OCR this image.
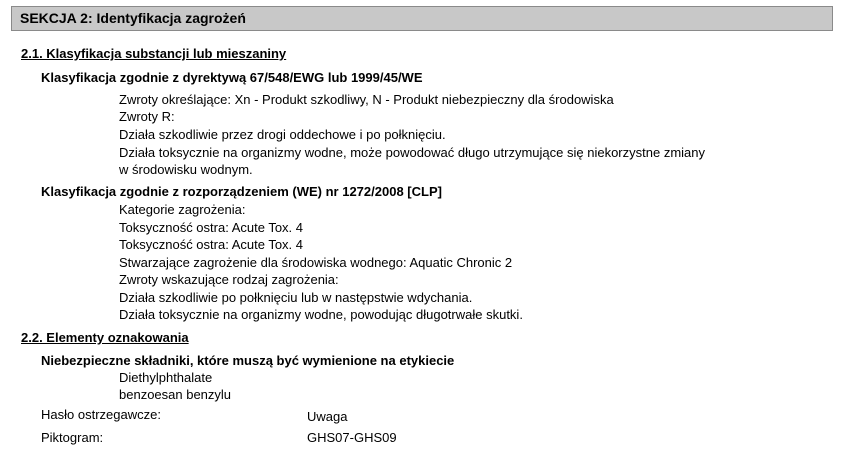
SEKCJA 2: Identyfikacja zagrożeń
2.1. Klasyfikacja substancji lub mieszaniny
Klasyfikacja zgodnie z dyrektywą 67/548/EWG lub 1999/45/WE
Zwroty określające: Xn - Produkt szkodliwy, N - Produkt niebezpieczny dla środowiska
Zwroty R:
Działa szkodliwie przez drogi oddechowe i po połknięciu.
Działa toksycznie na organizmy wodne, może powodować długo utrzymujące się niekorzystne zmiany
w środowisku wodnym.
Klasyfikacja zgodnie z rozporządzeniem (WE) nr 1272/2008 [CLP]
Kategorie zagrożenia:
Toksyczność ostra: Acute Tox. 4
Toksyczność ostra: Acute Tox. 4
Stwarzające zagrożenie dla środowiska wodnego: Aquatic Chronic 2
Zwroty wskazujące rodzaj zagrożenia:
Działa szkodliwie po połknięciu lub w następstwie wdychania.
Działa toksycznie na organizmy wodne, powodując długotrwałe skutki.
2.2. Elementy oznakowania
Niebezpieczne składniki, które muszą być wymienione na etykiecie
Diethylphthalate
benzoesan benzylu
Hasło ostrzegawcze:	Uwaga
Piktogram:	GHS07-GHS09
